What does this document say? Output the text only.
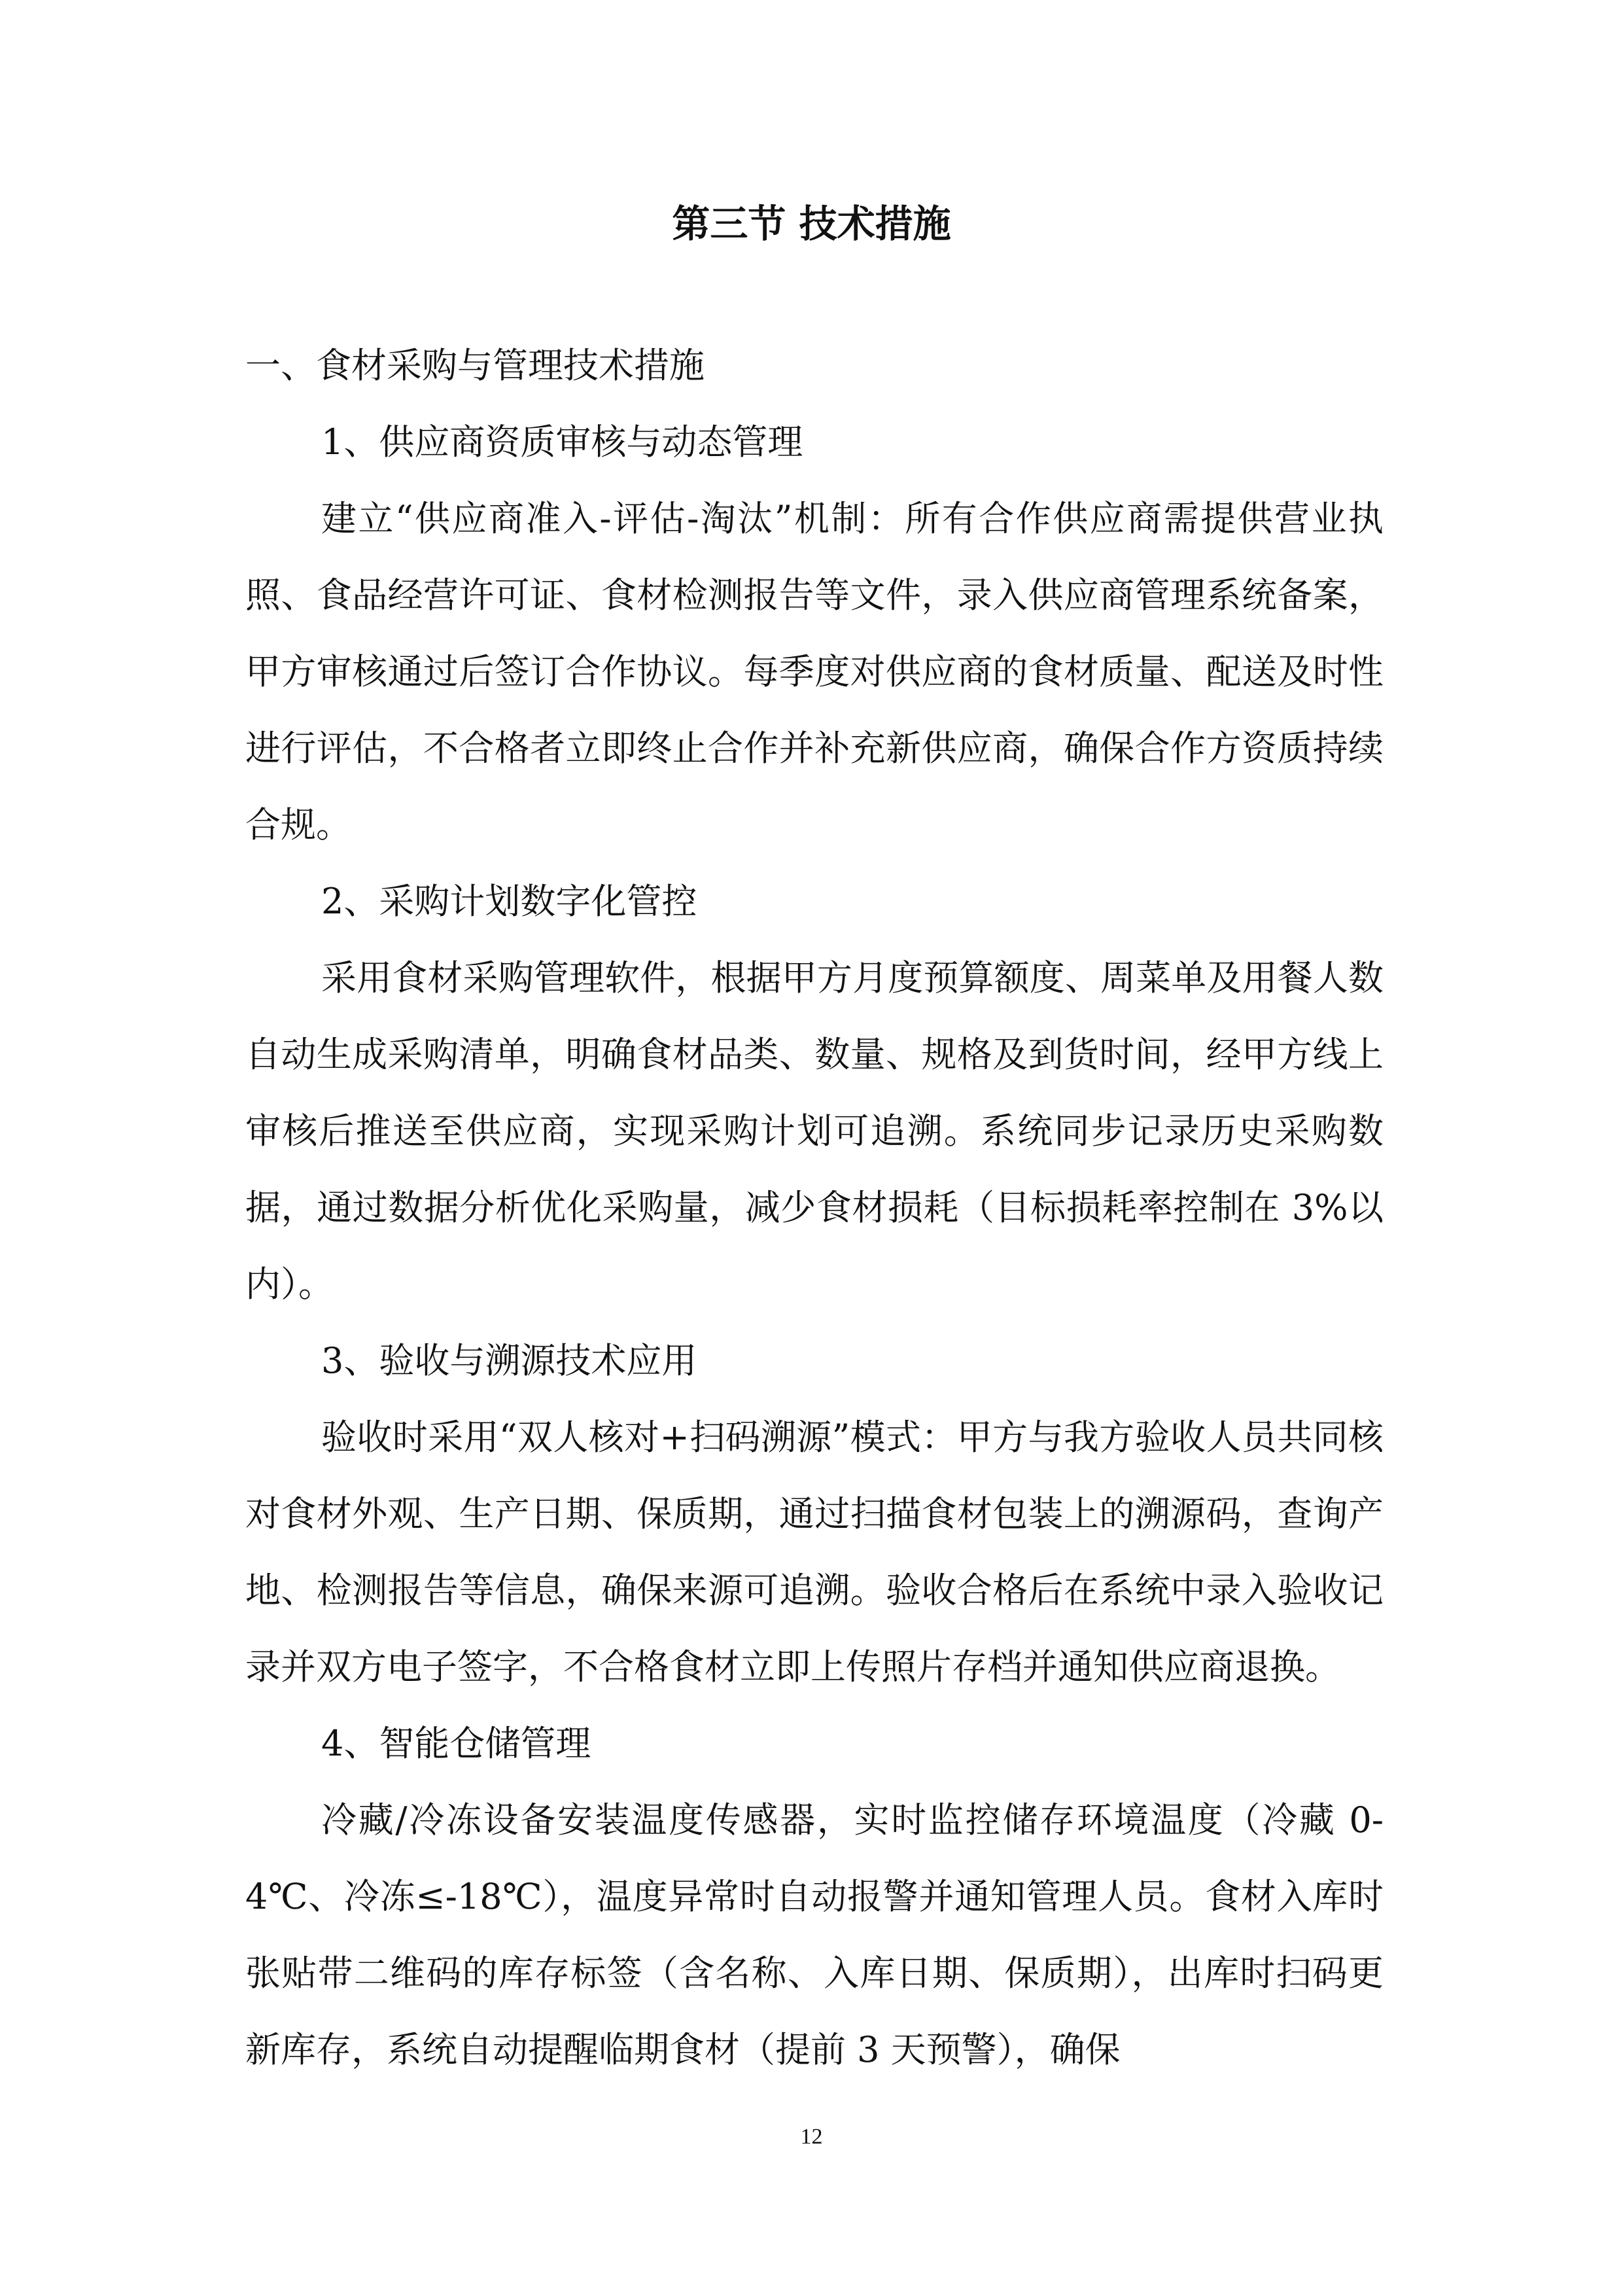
第三节 技术措施

一、食材采购与管理技术措施

1、供应商资质审核与动态管理

建立“供应商准入-评估-淘汰”机制：所有合作供应商需提供营业执照、食品经营许可证、食材检测报告等文件，录入供应商管理系统备案，甲方审核通过后签订合作协议。每季度对供应商的食材质量、配送及时性进行评估，不合格者立即终止合作并补充新供应商，确保合作方资质持续合规。

2、采购计划数字化管控

采用食材采购管理软件，根据甲方月度预算额度、周菜单及用餐人数自动生成采购清单，明确食材品类、数量、规格及到货时间，经甲方线上审核后推送至供应商，实现采购计划可追溯。系统同步记录历史采购数据，通过数据分析优化采购量，减少食材损耗（目标损耗率控制在 3%以内）。

3、验收与溯源技术应用

验收时采用“双人核对+扫码溯源”模式：甲方与我方验收人员共同核对食材外观、生产日期、保质期，通过扫描食材包装上的溯源码，查询产地、检测报告等信息，确保来源可追溯。验收合格后在系统中录入验收记录并双方电子签字，不合格食材立即上传照片存档并通知供应商退换。

4、智能仓储管理

冷藏/冷冻设备安装温度传感器，实时监控储存环境温度（冷藏 0-4℃、冷冻≤-18℃），温度异常时自动报警并通知管理人员。食材入库时张贴带二维码的库存标签（含名称、入库日期、保质期），出库时扫码更新库存，系统自动提醒临期食材（提前 3 天预警），确保

12
